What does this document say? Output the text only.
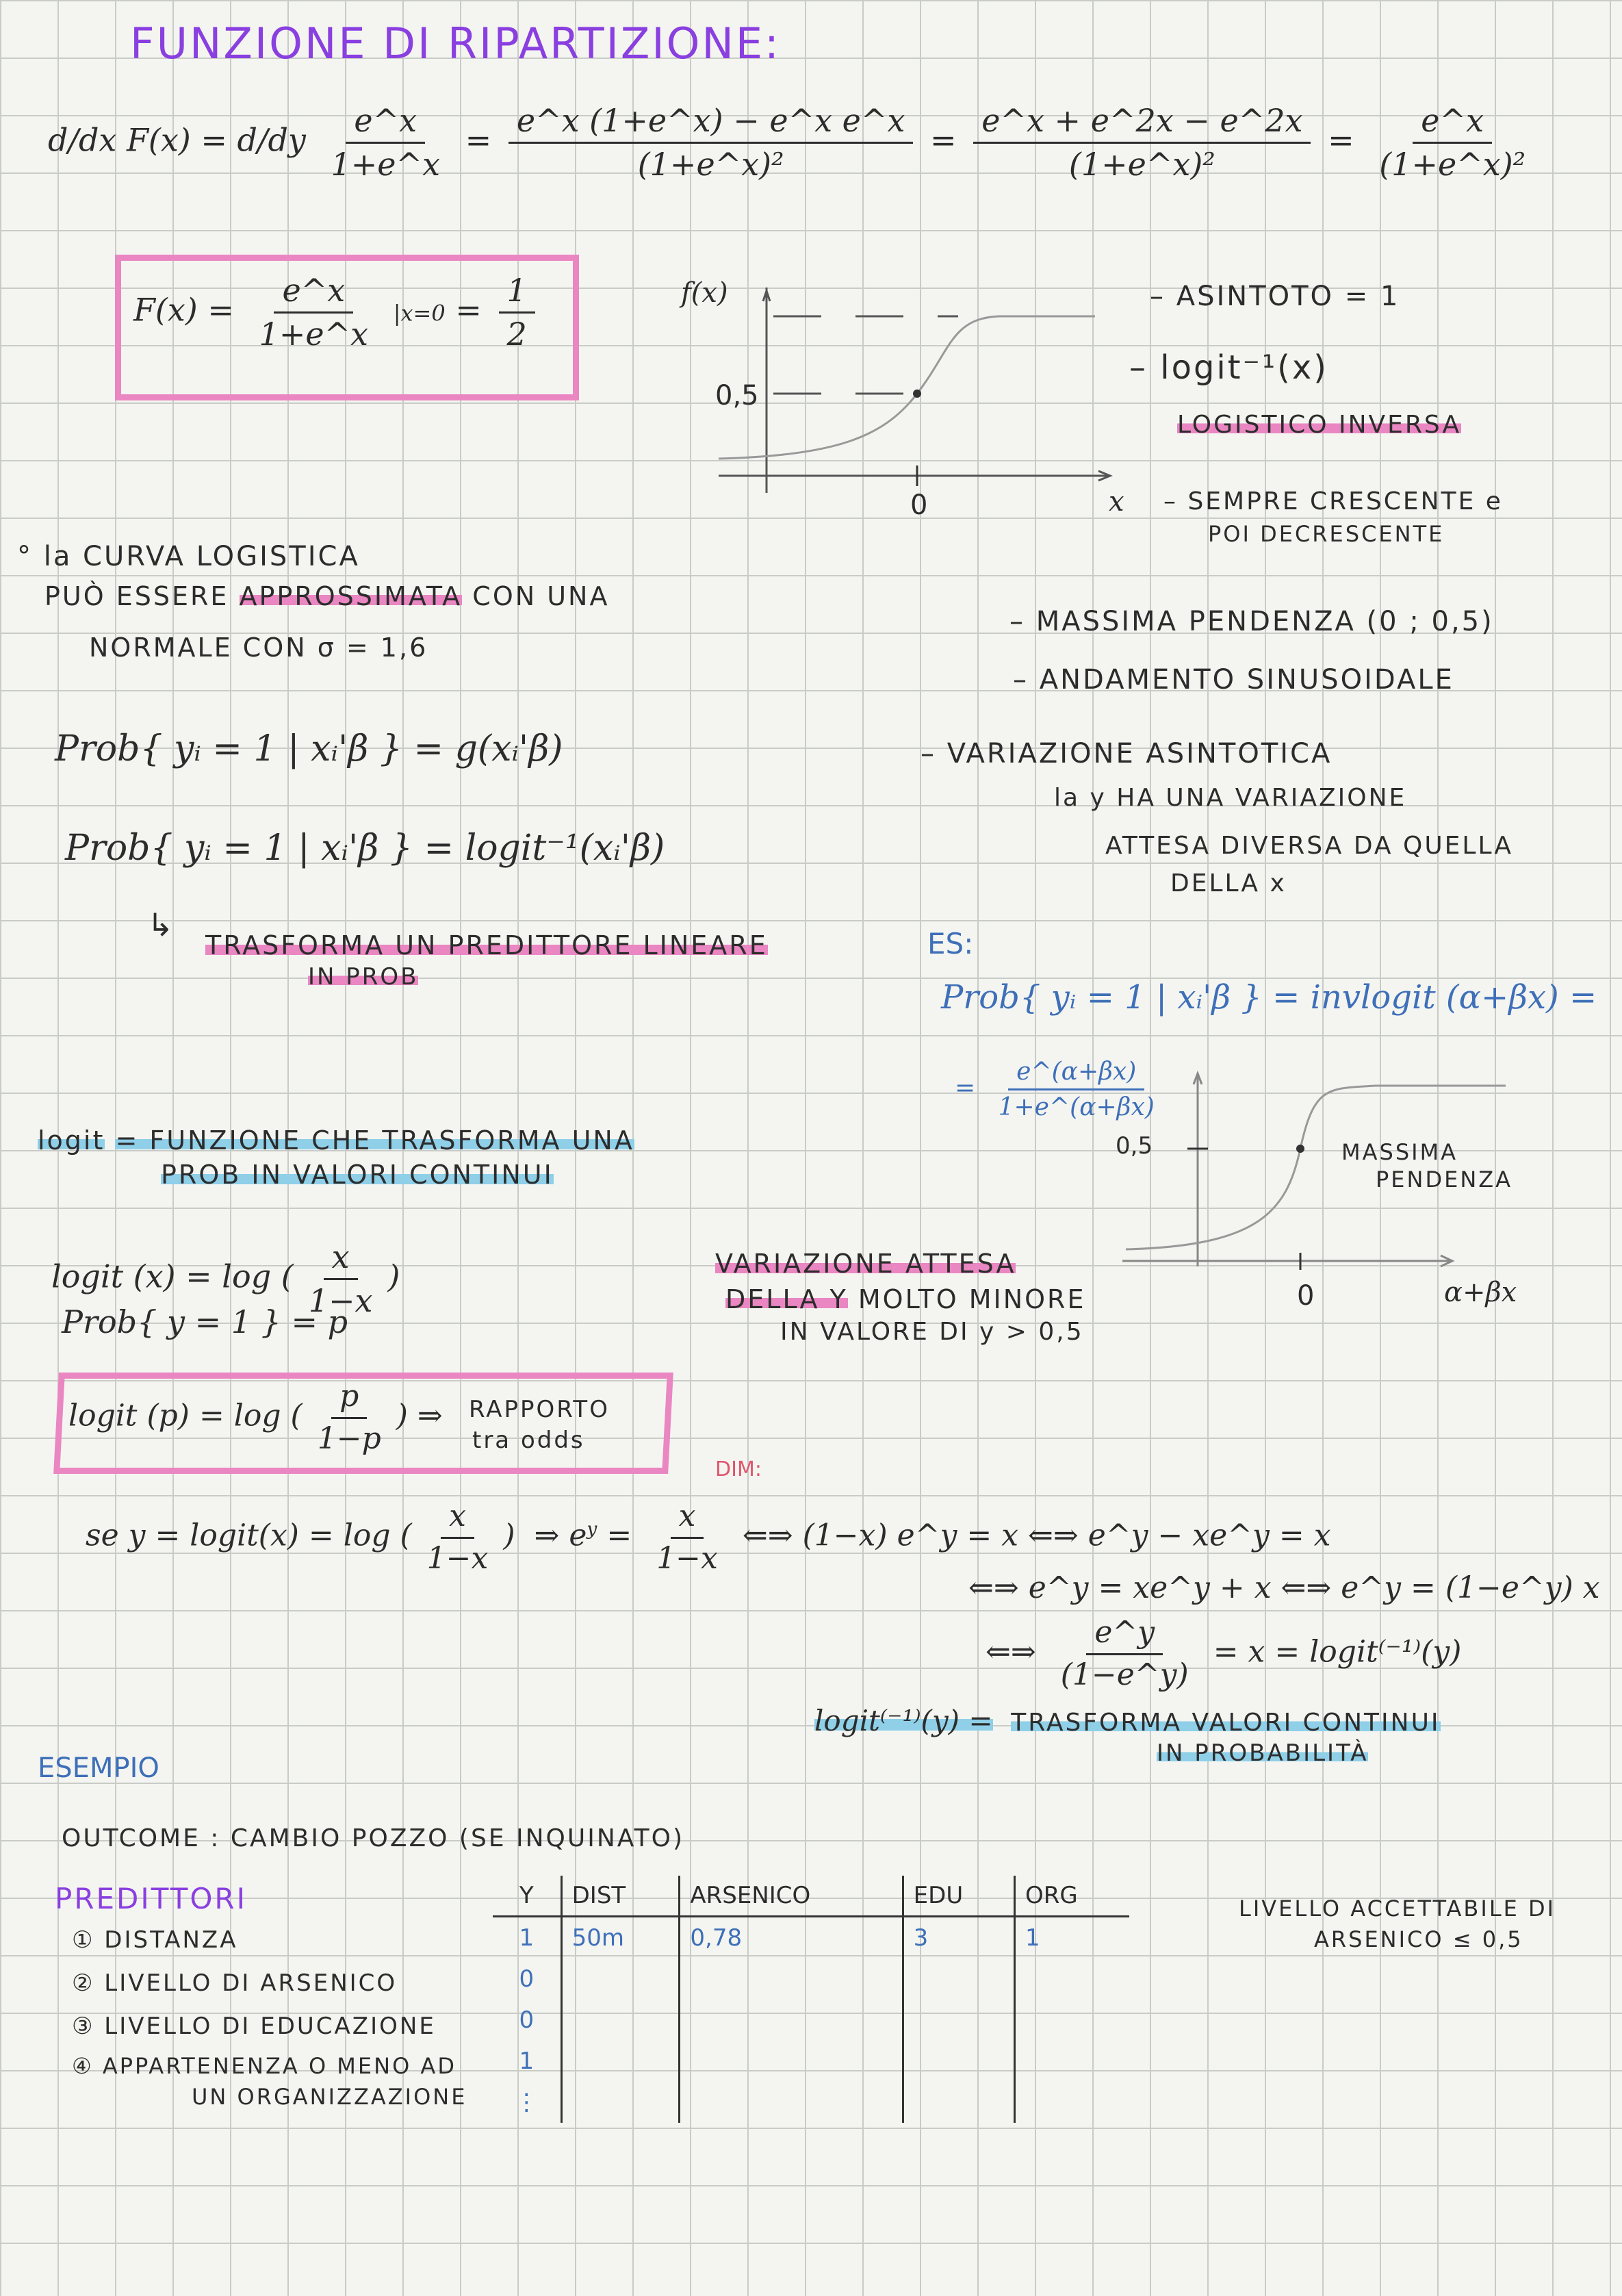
FUNZIONE DI RIPARTIZIONE:
d/dx $F(x) = d/dy \frac{e\^{}x}{1+e\^{}x} = \frac{\text{e\textasciicircum{}x (1+e\textasciicircum{}x) − e\textasciicircum{}x e\textasciicircum{}x}}{\text{(1+e\textasciicircum{}x)²}} = \frac{e\^{}x + e\^{}2x - e\^{}2x}{\text{(1+e\textasciicircum{}x)²}} = \frac{e\^{}x}{\text{(1+e\textasciicircum{}x)²}}$
$F(x) = \frac{e\^{}x}{1+e\^{}x} |x=0 = \frac{1}{2}$	f(x)
0,5
0	x
– ASINTOTO = 1
– logit⁻¹(x)
LOGISTICO INVERSA
– SEMPRE CRESCENTE e
POI DECRESCENTE
– MASSIMA PENDENZA (0 ; 0,5)
– ANDAMENTO SINUSOIDALE
– VARIAZIONE ASINTOTICA
la y HA UNA VARIAZIONE
ATTESA DIVERSA DA QUELLA
DELLA x
° la CURVA LOGISTICA
PUÒ ESSERE APPROSSIMATA CON UNA
NORMALE CON σ = 1,6
Prob{ yᵢ = 1 | xᵢ'β } = g(xᵢ'β)
Prob{ yᵢ = 1 | xᵢ'β } = logit⁻¹(xᵢ'β)
↳
TRASFORMA UN PREDITTORE LINEARE
IN PROB
ES:
Prob{ yᵢ = 1 | xᵢ'β } = invlogit (α+βx) =
= $\frac{e\^{}(\alpha+\beta x)}{1+e\^{}(\alpha+\beta x)}$
0,5
0	α+βx
MASSIMA
PENDENZA
logit = FUNZIONE CHE TRASFORMA UNA
PROB IN VALORI CONTINUI
logit (x) = log ( $\frac{x}{1-x}$ )
Prob{ y = 1 } = p
logit (p) = log ( $\frac{p}{1-p}$ ) ⇒ RAPPORTO
tra odds
VARIAZIONE ATTESA
DELLA Y MOLTO MINORE
IN VALORE DI y > 0,5
DIM:
se y = logit(x) = log ( $\frac{x}{1-x}$ )  ⇒ $e^y = \frac{x}{1-x}$ ⇐⇒ (1−x) e^y = x ⇐⇒ e^y − xe^y = x
⇐⇒ e^y = xe^y + x ⇐⇒ e^y = (1−e^y) x
⇐⇒ $\frac{e\^{}y}{(1-e\^{}y)} = x$ = logit⁽⁻¹⁾(y)
logit⁽⁻¹⁾(y) = TRASFORMA VALORI CONTINUI
IN PROBABILITÀ
ESEMPIO
OUTCOME : CAMBIO POZZO (SE INQUINATO)
PREDITTORI
① DISTANZA
② LIVELLO DI ARSENICO
③ LIVELLO DI EDUCAZIONE
④ APPARTENENZA O MENO AD
UN ORGANIZZAZIONE
Y	DIST	ARSENICO	EDU	ORG
1	50m	0,78	3	1
0				
0				
1				
⋮				
LIVELLO ACCETTABILE DI
ARSENICO ≤ 0,5
